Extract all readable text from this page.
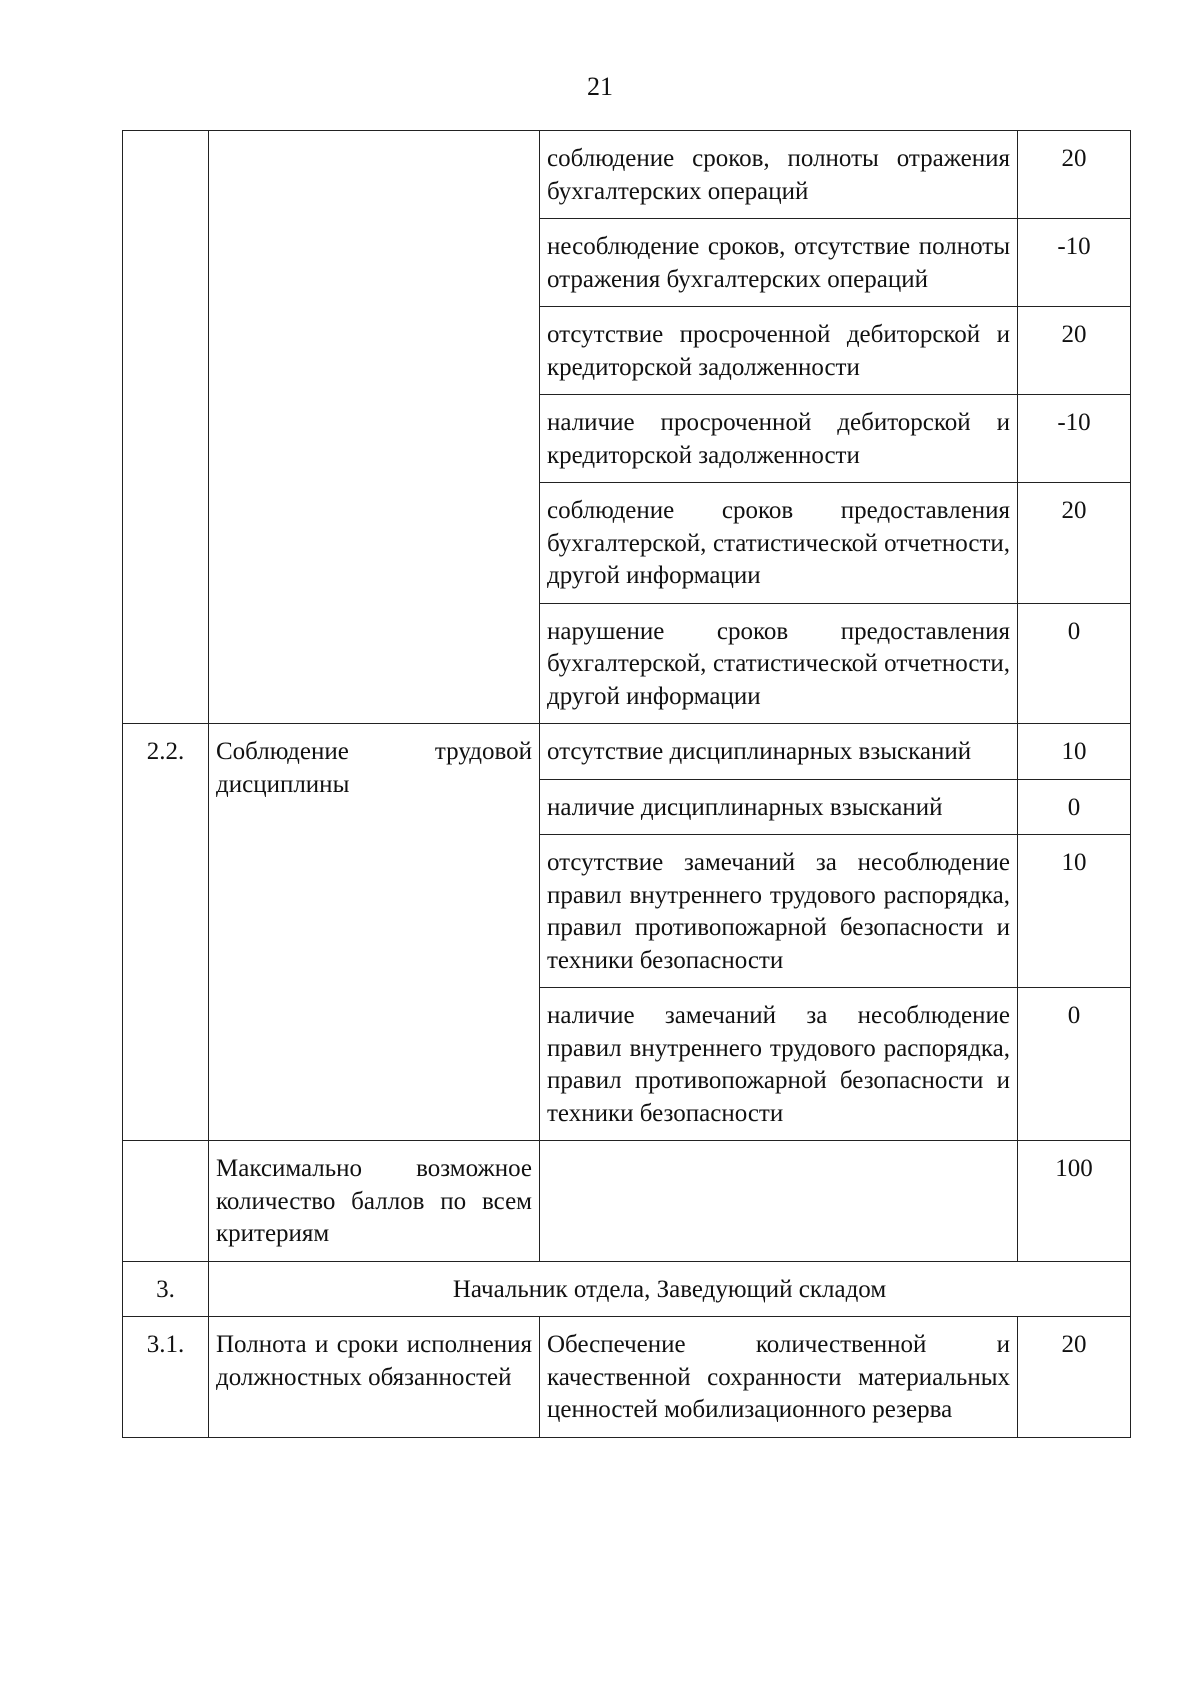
21
		соблюдение сроков, полноты отражения бухгалтерских операций	20
		несоблюдение сроков, отсутствие полноты отражения бухгалтерских операций	-10
		отсутствие просроченной дебиторской и кредиторской задолженности	20
		наличие просроченной дебиторской и кредиторской задолженности	-10
		соблюдение сроков предоставления бухгалтерской, статистической отчетности, другой информации	20
		нарушение сроков предоставления бухгалтерской, статистической отчетности, другой информации	0
2.2.	Соблюдение трудовой дисциплины	отсутствие дисциплинарных взысканий	10
		наличие дисциплинарных взысканий	0
		отсутствие замечаний за несоблюдение правил внутреннего трудового распорядка, правил противопожарной безопасности и техники безопасности	10
		наличие замечаний за несоблюдение правил внутреннего трудового распорядка, правил противопожарной безопасности и техники безопасности	0
	Максимально возможное количество баллов по всем критериям		100
3.	Начальник отдела, Заведующий складом		
3.1.	Полнота и сроки исполнения должностных обязанностей	Обеспечение количественной и качественной сохранности материальных ценностей мобилизационного резерва	20
